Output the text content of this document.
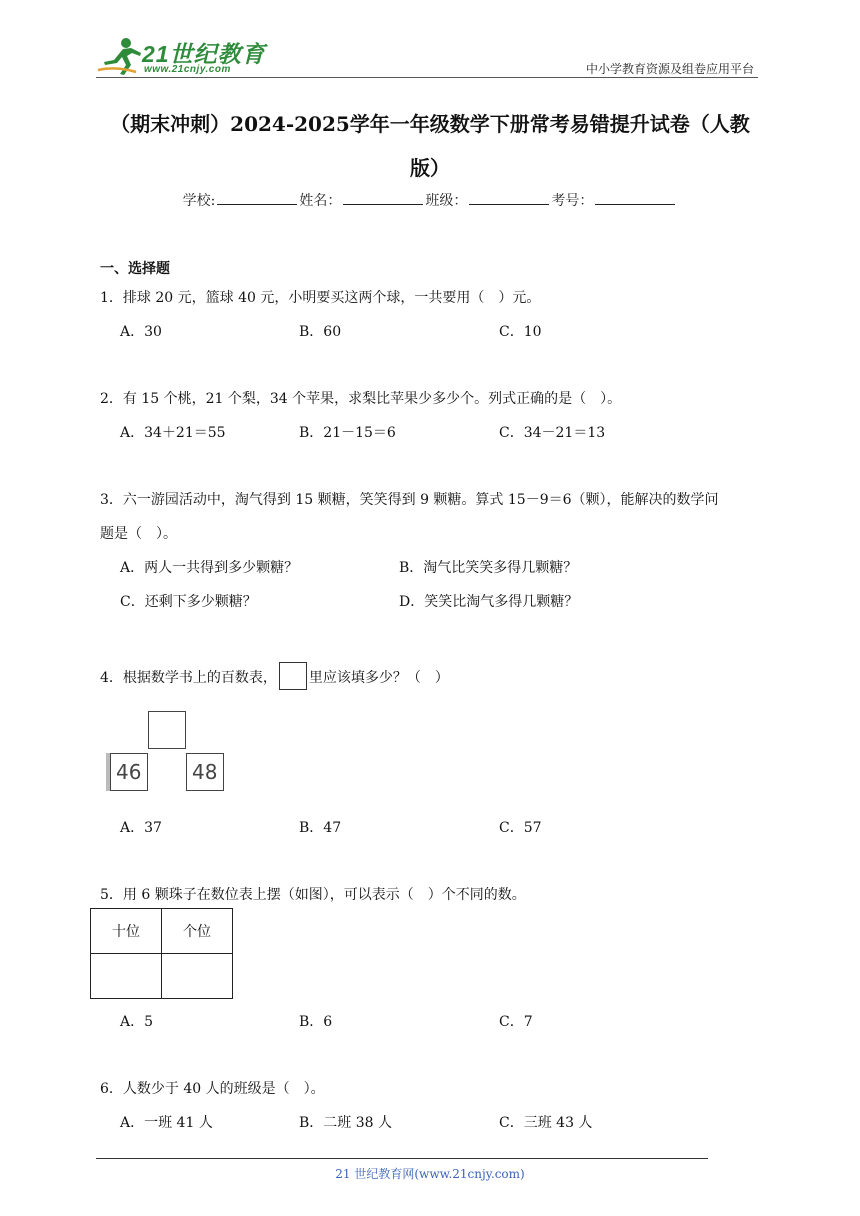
21世纪教育
www.21cnjy.com	中小学教育资源及组卷应用平台
（期末冲刺）2024-2025学年一年级数学下册常考易错提升试卷（人教
版）
学校:	姓名：	班级：	考号：
一、选择题
1．排球 20 元，篮球 40 元，小明要买这两个球，一共要用（　）元。
A．30	B．60	C．10
2．有 15 个桃，21 个梨，34 个苹果，求梨比苹果少多少个。列式正确的是（　）。
A．34＋21＝55	B．21－15＝6	C．34－21＝13
3．六一游园活动中，淘气得到 15 颗糖，笑笑得到 9 颗糖。算式 15－9＝6（颗），能解决的数学问
题是（　）。
A．两人一共得到多少颗糖？	B．淘气比笑笑多得几颗糖？
C．还剩下多少颗糖？	D．笑笑比淘气多得几颗糖？
4．根据数学书上的百数表， 里应该填多少？（　）
46	48
A．37	B．47	C．57
5．用 6 颗珠子在数位表上摆（如图），可以表示（　）个不同的数。
十位	个位

A．5	B．6	C．7
6．人数少于 40 人的班级是（　）。
A．一班 41 人	B．二班 38 人	C．三班 43 人
21 世纪教育网(www.21cnjy.com)
